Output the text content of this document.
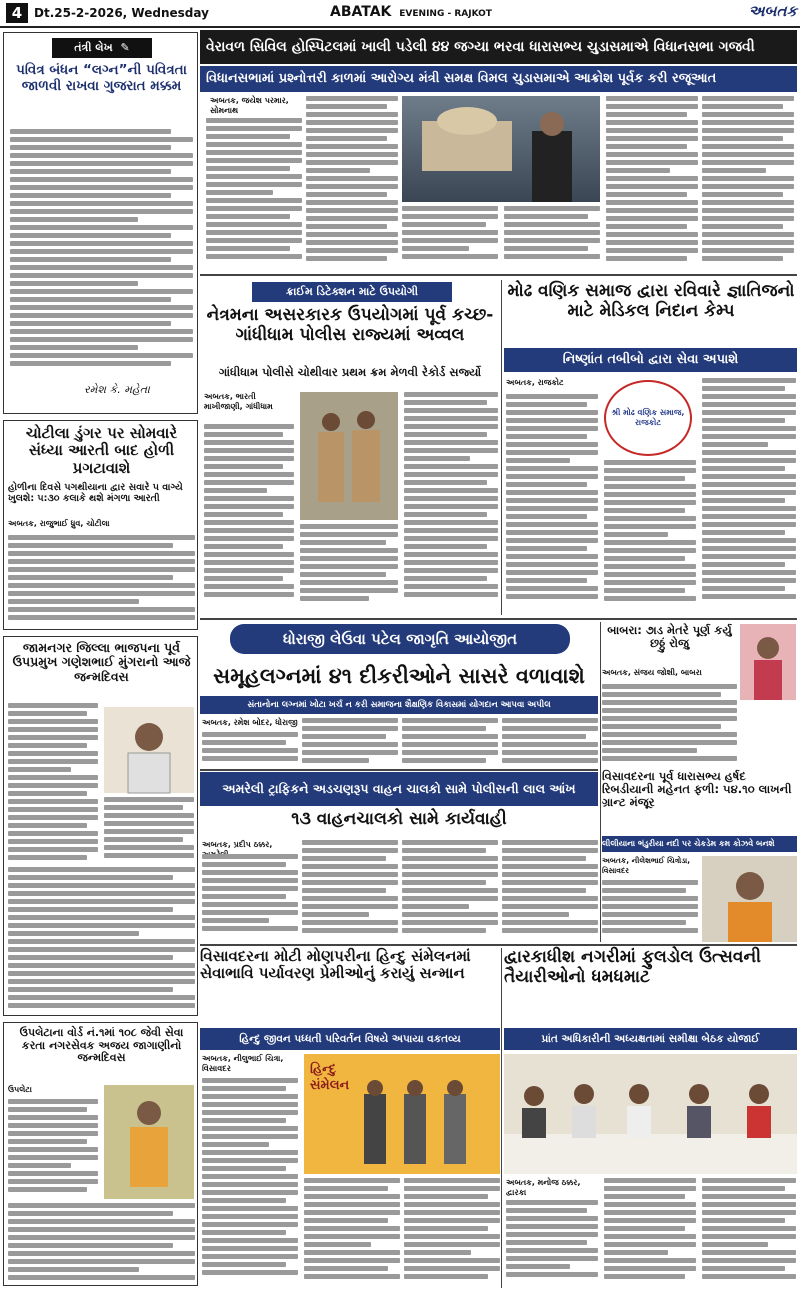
4 Dt.25-2-2026, Wednesday	ABATAK EVENING - RAJKOT	અબતક
તંત્રી લેખ ✎
પવિત્ર બંધન “લગ્ન”ની પવિત્રતા જાળવી રાખવા ગુજરાત મક્કમ
રમેશ કે. મહેતા
વેરાવળ સિવિલ હોસ્પિટલમાં ખાલી પડેલી ૪૪ જગ્યા ભરવા ધારાસભ્ય ચુડાસમાએ વિધાનસભા ગજવી
વિધાનસભામાં પ્રશ્નોત્તરી કાળમાં આરોગ્ય મંત્રી સમક્ષ વિમલ ચુડાસમાએ આક્રોશ પૂર્વક કરી રજૂઆત
અબતક, જયેશ પરમાર, સોમનાથ
ક્રાઈમ ડિટેક્શન માટે ઉપયોગી
નેત્રમના અસરકારક ઉપયોગમાં પૂર્વ કચ્છ-ગાંધીધામ પોલીસ રાજ્યમાં અવ્વલ
ગાંધીધામ પોલીસે ચોથીવાર પ્રથમ ક્રમ મેળવી રેકોર્ડ સર્જ્યો
અબતક, ભારતી માખીજાણી, ગાંધીધામ
મોઢ વણિક સમાજ દ્વારા રવિવારે જ્ઞાતિજનો માટે મેડિકલ નિદાન કેમ્પ
નિષ્ણાંત તબીબો દ્વારા સેવા અપાશે
અબતક, રાજકોટ
શ્રી મોઢ વણિક સમાજ, રાજકોટ
ચોટીલા ડુંગર પર સોમવારે સંધ્યા આરતી બાદ હોળી પ્રગટાવાશે
હોળીના દિવસે પગથીયાના દ્વાર સવારે ૫ વાગ્યે ખુલશે: ૫:૩૦ કલાકે થશે મંગળા આરતી
અબતક, રાજુભાઈ ધ્રુવ, ચોટીલા
ધોરાજી લેઉવા પટેલ જાગૃતિ આયોજીત
સમૂહલગ્નમાં ૪૧ દીકરીઓને સાસરે વળાવાશે
સંતાનોના લગ્નમાં ખોટા ખર્ચ ન કરી સમાજના શૈક્ષણિક વિકાસમાં યોગદાન આપવા અપીલ
અબતક, રમેશ બોદર, ધોરાજી
બાબરા: ૭ાડ મેતરે પૂર્ણ કર્યુ છઠ્ઠું રોજુ
અબતક, સંજય જોશી, બાબરા
જામનગર જિલ્લા ભાજપના પૂર્વ ઉપપ્રમુખ ગણેશભાઈ મુંગરાનો આજે જન્મદિવસ
અમરેલી ટ્રાફિકને અડચણરૂપ વાહન ચાલકો સામે પોલીસની લાલ આંખ
૧૩ વાહનચાલકો સામે કાર્યવાહી
અબતક, પ્રદીપ ઠક્કર,
વિસાવદરના પૂર્વ ધારાસભ્ય હર્ષદ રિબડીયાની મહેનત ફળી: ૫૪.૧૦ લાખની ગ્રાન્ટ મંજૂર
લીલીયાના ભંડુરીયા નદી પર ચેકડેમ કમ કોઝવે બનશે
અબતક, નીલેશભાઈ ચિત્રોડા, વિસાવદર
ઉપલેટાના વોર્ડ નં.૧માં ૧૦૮ જેવી સેવા કરતા નગરસેવક અજય જાગાણીનો જન્મદિવસ
ઉપલેટા
વિસાવદરના મોટી મોણપરીના હિન્દુ સંમેલનમાં સેવાભાવિ પર્યાવરણ પ્રેમીઓનું કરાયું સન્માન
હિન્દુ જીવન પધ્ધતી પરિવર્તન વિષયે અપાયા વકતવ્ય
અબતક, નીલુભાઈ ચિત્રા, વિસાવદર	હિન્દુ સંમેલન
દ્વારકાધીશ નગરીમાં ફુલડોલ ઉત્સવની તૈયારીઓનો ધમધમાટ
પ્રાંત અધિકારીની અધ્યક્ષતામાં સમીક્ષા બેઠક યોજાઈ
અબતક, મનોજ ઠક્કર, દ્વારકા
